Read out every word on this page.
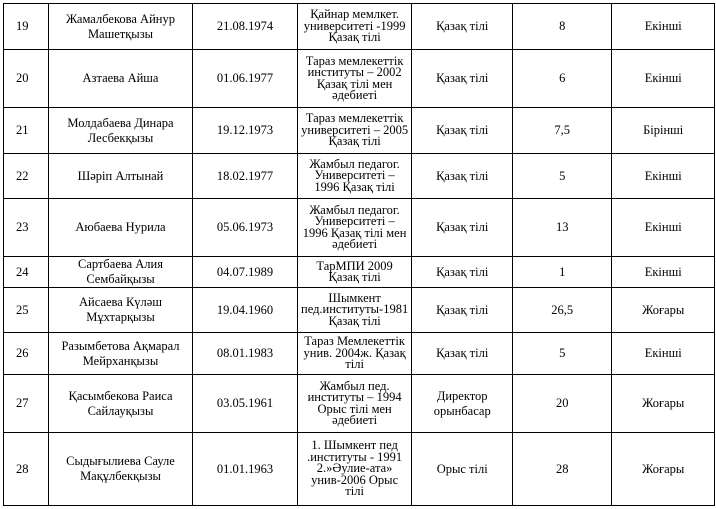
19	Жамалбекова Айнур Машетқызы	21.08.1974	Қайнар мемлкет. университеті -1999 Қазақ тілі	Қазақ тілі	8	Екінші
20	Азтаева Айша	01.06.1977	Тараз мемлекеттік институты – 2002 Қазақ тілі мен әдебиеті	Қазақ тілі	6	Екінші
21	Молдабаева Динара Лесбекқызы	19.12.1973	Тараз мемлекеттік университеті – 2005 Қазақ тілі	Қазақ тілі	7,5	Бірінші
22	Шәріп Алтынай	18.02.1977	Жамбыл педагог. Университеті – 1996 Қазақ тілі	Қазақ тілі	5	Екінші
23	Аюбаева Нурила	05.06.1973	Жамбыл педагог. Университеті – 1996 Қазақ тілі мен әдебиеті	Қазақ тілі	13	Екінші
24	Сартбаева Алия Сембайқызы	04.07.1989	ТарМПИ 2009 Қазақ тілі	Қазақ тілі	1	Екінші
25	Айсаева Күләш Мұхтарқызы	19.04.1960	Шымкент пед.институты-1981 Қазақ тілі	Қазақ тілі	26,5	Жоғары
26	Разымбетова Ақмарал Мейрханқызы	08.01.1983	Тараз Мемлекеттік унив. 2004ж. Қазақ тілі	Қазақ тілі	5	Екінші
27	Қасымбекова Раиса Сайлауқызы	03.05.1961	Жамбыл пед. институты – 1994 Орыс тілі мен әдебиеті	Директор орынбасар	20	Жоғары
28	Сыдығылиева Сауле Мақұлбекқызы	01.01.1963	1. Шымкент пед .институты - 1991 2.»Әулие-ата» унив-2006 Орыс тілі	Орыс тілі	28	Жоғары
